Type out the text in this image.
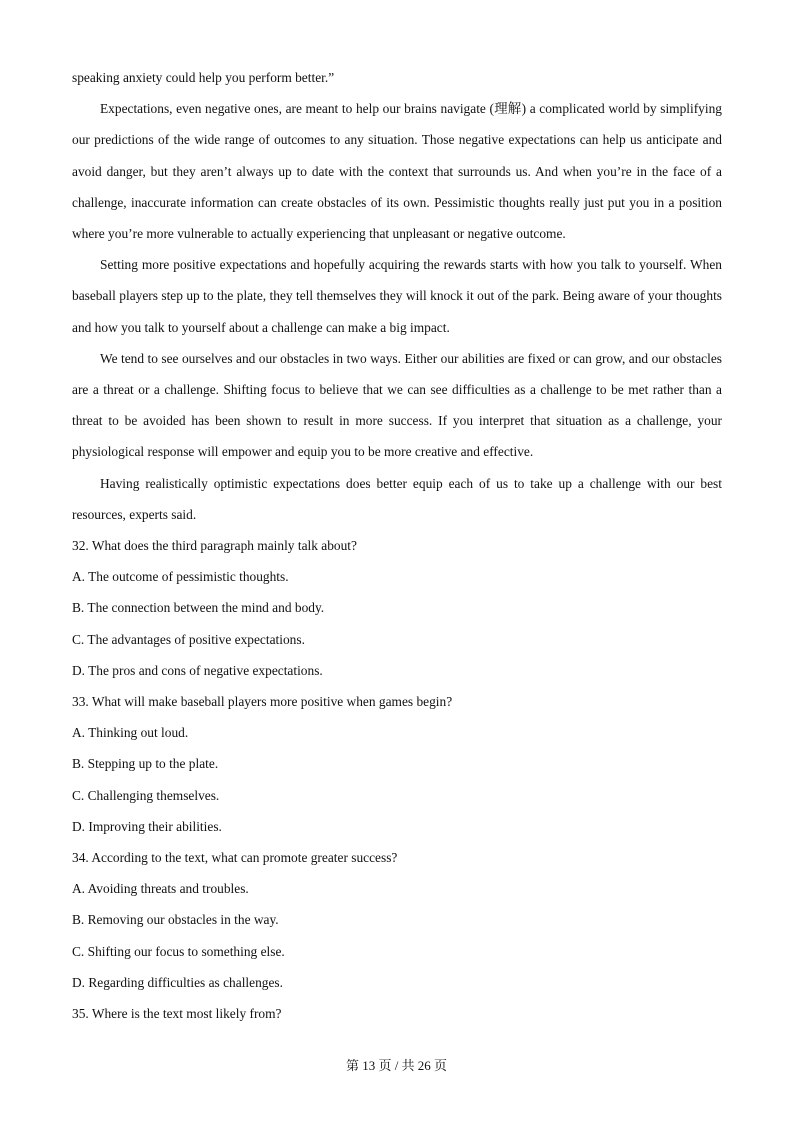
speaking anxiety could help you perform better.”

Expectations, even negative ones, are meant to help our brains navigate (理解) a complicated world by simplifying our predictions of the wide range of outcomes to any situation. Those negative expectations can help us anticipate and avoid danger, but they aren’t always up to date with the context that surrounds us. And when you’re in the face of a challenge, inaccurate information can create obstacles of its own. Pessimistic thoughts really just put you in a position where you’re more vulnerable to actually experiencing that unpleasant or negative outcome.

Setting more positive expectations and hopefully acquiring the rewards starts with how you talk to yourself. When baseball players step up to the plate, they tell themselves they will knock it out of the park. Being aware of your thoughts and how you talk to yourself about a challenge can make a big impact.

We tend to see ourselves and our obstacles in two ways. Either our abilities are fixed or can grow, and our obstacles are a threat or a challenge. Shifting focus to believe that we can see difficulties as a challenge to be met rather than a threat to be avoided has been shown to result in more success. If you interpret that situation as a challenge, your physiological response will empower and equip you to be more creative and effective.

Having realistically optimistic expectations does better equip each of us to take up a challenge with our best resources, experts said.

32. What does the third paragraph mainly talk about?

A. The outcome of pessimistic thoughts.

B. The connection between the mind and body.

C. The advantages of positive expectations.

D. The pros and cons of negative expectations.

33. What will make baseball players more positive when games begin?

A. Thinking out loud.

B. Stepping up to the plate.

C. Challenging themselves.

D. Improving their abilities.

34. According to the text, what can promote greater success?

A. Avoiding threats and troubles.

B. Removing our obstacles in the way.

C. Shifting our focus to something else.

D. Regarding difficulties as challenges.

35. Where is the text most likely from?

第 13 页 / 共 26 页
